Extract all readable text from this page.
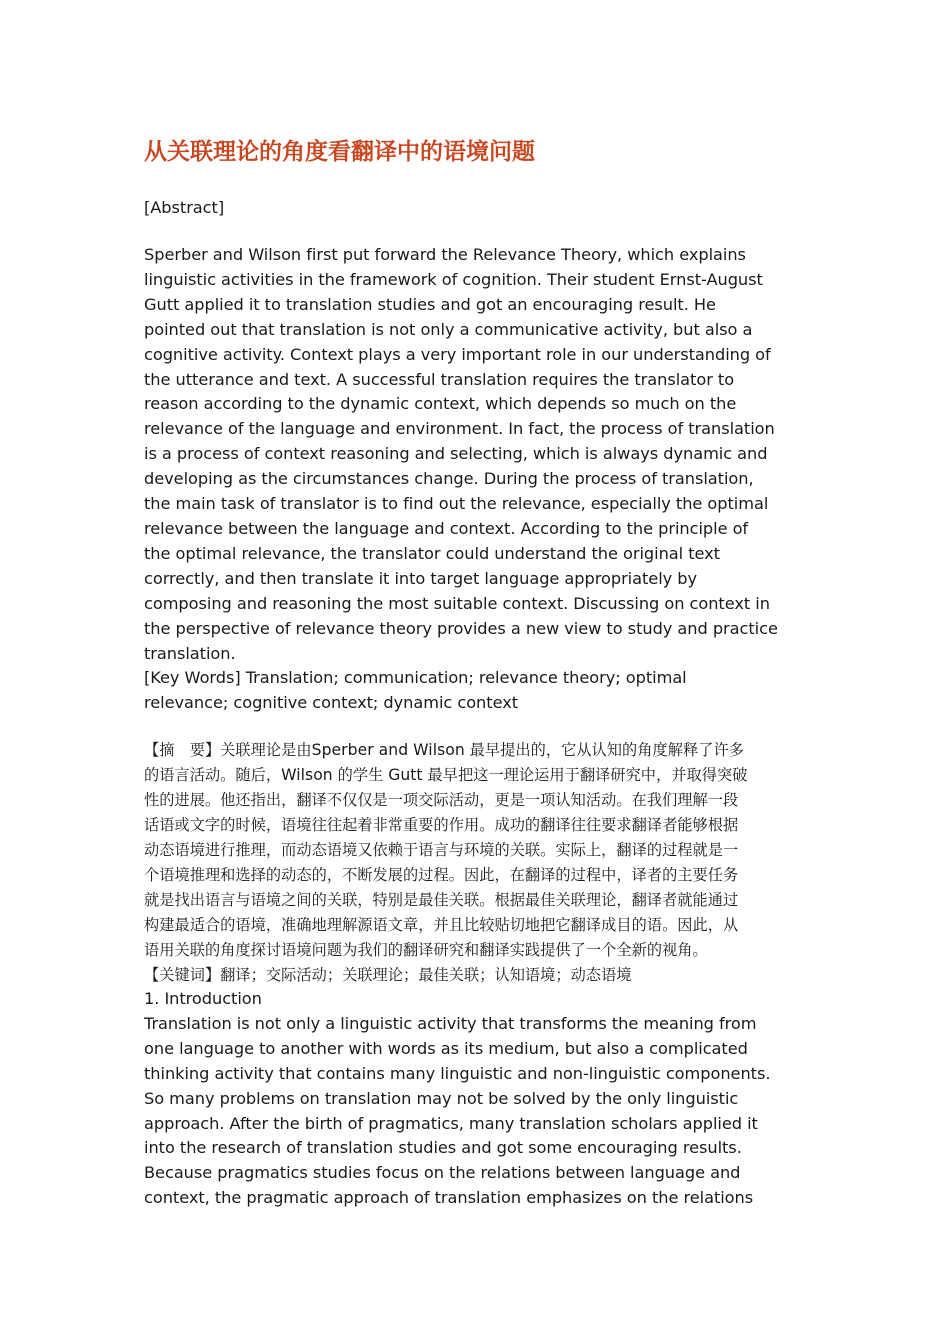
从关联理论的角度看翻译中的语境问题

[Abstract]

Sperber and Wilson first put forward the Relevance Theory, which explains

linguistic activities in the framework of cognition. Their student Ernst-August

Gutt applied it to translation studies and got an encouraging result. He

pointed out that translation is not only a communicative activity, but also a

cognitive activity. Context plays a very important role in our understanding of

the utterance and text. A successful translation requires the translator to

reason according to the dynamic context, which depends so much on the

relevance of the language and environment. In fact, the process of translation

is a process of context reasoning and selecting, which is always dynamic and

developing as the circumstances change. During the process of translation,

the main task of translator is to find out the relevance, especially the optimal

relevance between the language and context. According to the principle of

the optimal relevance, the translator could understand the original text

correctly, and then translate it into target language appropriately by

composing and reasoning the most suitable context. Discussing on context in

the perspective of relevance theory provides a new view to study and practice

translation.

[Key Words] Translation; communication; relevance theory; optimal

relevance; cognitive context; dynamic context

【摘　要】关联理论是由Sperber and Wilson 最早提出的，它从认知的角度解释了许多

的语言活动。随后，Wilson 的学生 Gutt 最早把这一理论运用于翻译研究中，并取得突破

性的进展。他还指出，翻译不仅仅是一项交际活动，更是一项认知活动。在我们理解一段

话语或文字的时候，语境往往起着非常重要的作用。成功的翻译往往要求翻译者能够根据

动态语境进行推理，而动态语境又依赖于语言与环境的关联。实际上，翻译的过程就是一

个语境推理和选择的动态的，不断发展的过程。因此，在翻译的过程中，译者的主要任务

就是找出语言与语境之间的关联，特别是最佳关联。根据最佳关联理论，翻译者就能通过

构建最适合的语境，准确地理解源语文章，并且比较贴切地把它翻译成目的语。因此，从

语用关联的角度探讨语境问题为我们的翻译研究和翻译实践提供了一个全新的视角。

【关键词】翻译；交际活动；关联理论；最佳关联；认知语境；动态语境

1. Introduction

Translation is not only a linguistic activity that transforms the meaning from

one language to another with words as its medium, but also a complicated

thinking activity that contains many linguistic and non-linguistic components.

So many problems on translation may not be solved by the only linguistic

approach. After the birth of pragmatics, many translation scholars applied it

into the research of translation studies and got some encouraging results.

Because pragmatics studies focus on the relations between language and

context, the pragmatic approach of translation emphasizes on the relations
